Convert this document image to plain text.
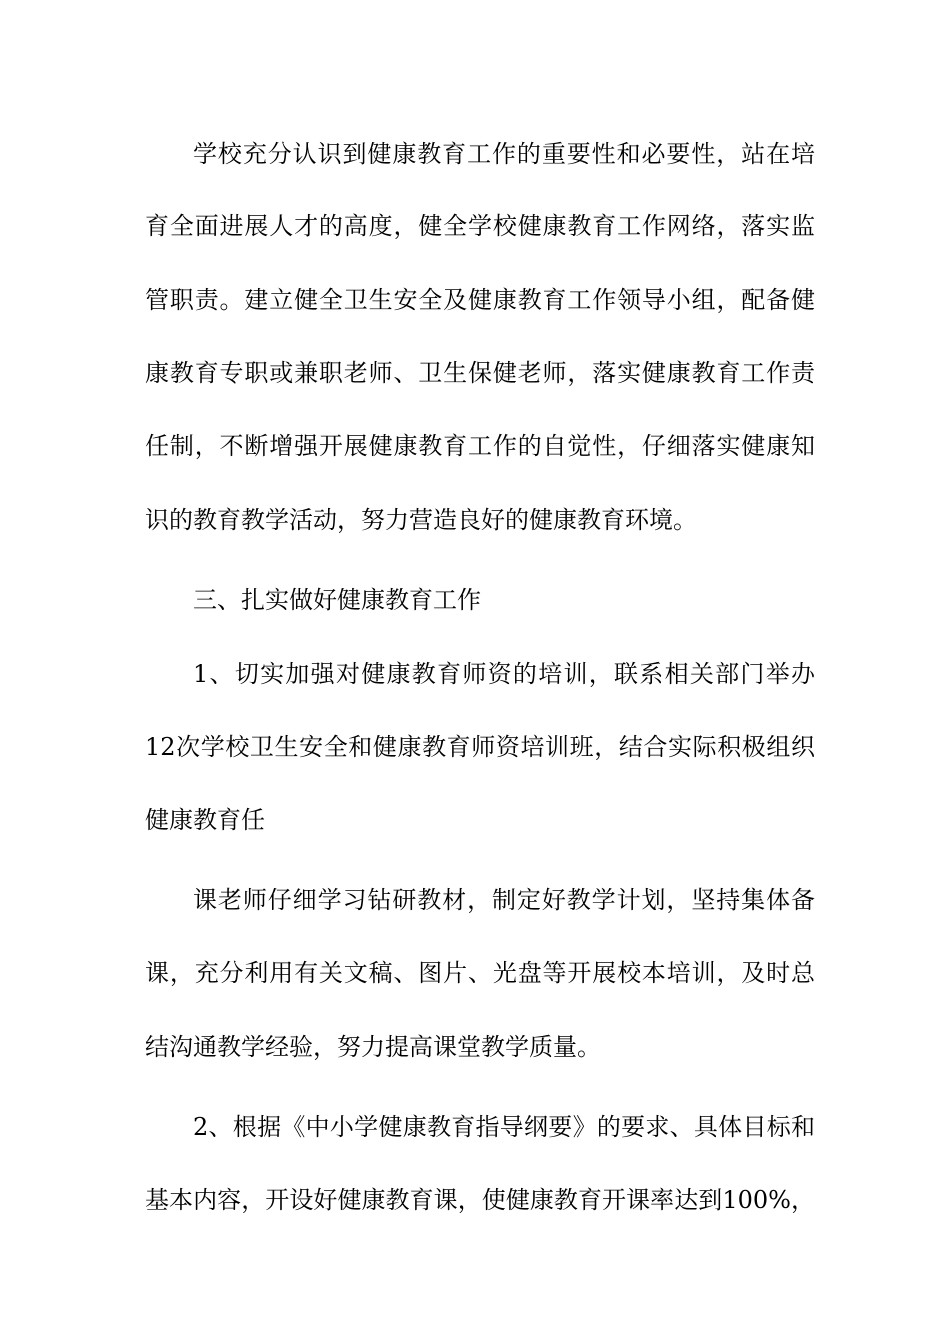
学校充分认识到健康教育工作的重要性和必要性，站在培
育全面进展人才的高度，健全学校健康教育工作网络，落实监
管职责。建立健全卫生安全及健康教育工作领导小组，配备健
康教育专职或兼职老师、卫生保健老师，落实健康教育工作责
任制，不断增强开展健康教育工作的自觉性，仔细落实健康知
识的教育教学活动，努力营造良好的健康教育环境。
三、扎实做好健康教育工作
1、切实加强对健康教育师资的培训，联系相关部门举办
12次学校卫生安全和健康教育师资培训班，结合实际积极组织
健康教育任
课老师仔细学习钻研教材，制定好教学计划，坚持集体备
课，充分利用有关文稿、图片、光盘等开展校本培训，及时总
结沟通教学经验，努力提高课堂教学质量。
2、根据《中小学健康教育指导纲要》的要求、具体目标和
基本内容，开设好健康教育课，使健康教育开课率达到100%，
